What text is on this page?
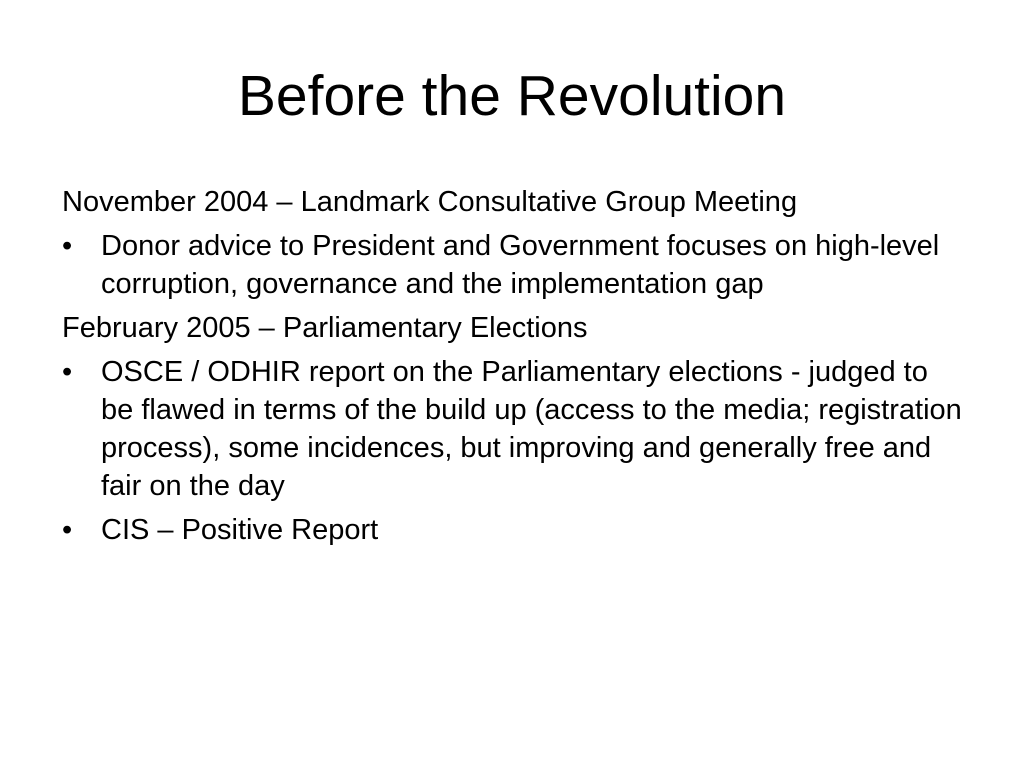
Before the Revolution
November 2004 – Landmark Consultative Group Meeting
• Donor advice to President and Government focuses on high-level corruption, governance and the implementation gap
February 2005 – Parliamentary Elections
• OSCE / ODHIR report on the Parliamentary elections - judged to be flawed in terms of the build up (access to the media; registration process), some incidences, but improving and generally free and fair on the day
• CIS – Positive Report
